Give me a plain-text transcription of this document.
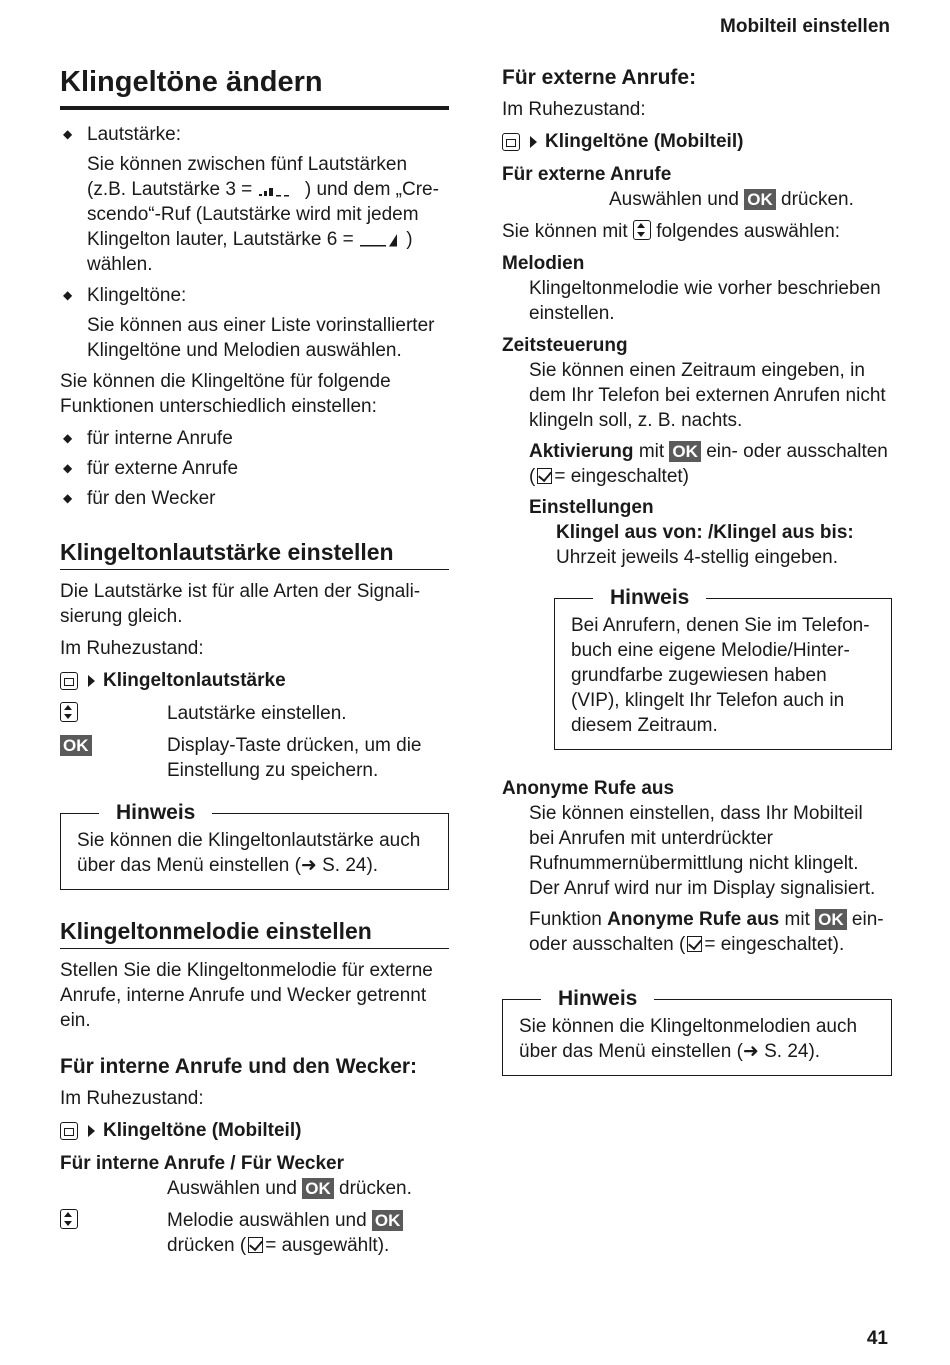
Mobilteil einstellen
Klingeltöne ändern
◆ Lautstärke:
Sie können zwischen fünf Lautstärken (z.B. Lautstärke 3 =	) und dem „Crescendo“-Ruf (Lautstärke wird mit jedem Klingelton lauter, Lautstärke 6 =	) wählen.
◆ Klingeltöne:
Sie können aus einer Liste vorinstallierter Klingeltöne und Melodien auswählen.

Sie können die Klingeltöne für folgende Funktionen unterschiedlich einstellen:

◆ für interne Anrufe
◆ für externe Anrufe
◆ für den Wecker
Klingeltonlautstärke einstellen

Die Lautstärke ist für alle Arten der Signalisierung gleich.

Im Ruhezustand:

Klingeltonlautstärke
Lautstärke einstellen.
OK	Display-Taste drücken, um die Einstellung zu speichern.
Hinweis
Sie können die Klingeltonlautstärke auch über das Menü einstellen (➜ S. 24).
Klingeltonmelodie einstellen

Stellen Sie die Klingeltonmelodie für externe Anrufe, interne Anrufe und Wecker getrennt ein.

Für interne Anrufe und den Wecker:

Im Ruhezustand:

Klingeltöne (Mobilteil)
Für interne Anrufe / Für Wecker
Auswählen und OK drücken.
Melodie auswählen und OK drücken ( = ausgewählt).
Für externe Anrufe:

Im Ruhezustand:

Klingeltöne (Mobilteil)
Für externe Anrufe
Auswählen und OK drücken.

Sie können mit folgendes auswählen:

Melodien
Klingeltonmelodie wie vorher beschrieben einstellen.
Zeitsteuerung
Sie können einen Zeitraum eingeben, in dem Ihr Telefon bei externen Anrufen nicht klingeln soll, z. B. nachts.
Aktivierung mit OK ein- oder ausschalten ( = eingeschaltet)
Einstellungen
Klingel aus von: /Klingel aus bis:
Uhrzeit jeweils 4-stellig eingeben.
Hinweis
Bei Anrufern, denen Sie im Telefonbuch eine eigene Melodie/Hintergrundfarbe zugewiesen haben (VIP), klingelt Ihr Telefon auch in diesem Zeitraum.
Anonyme Rufe aus
Sie können einstellen, dass Ihr Mobilteil bei Anrufen mit unterdrückter Rufnummernübermittlung nicht klingelt. Der Anruf wird nur im Display signalisiert.
Funktion Anonyme Rufe aus mit OK ein- oder ausschalten ( = eingeschaltet).
Hinweis
Sie können die Klingeltonmelodien auch über das Menü einstellen (➜ S. 24).
41
